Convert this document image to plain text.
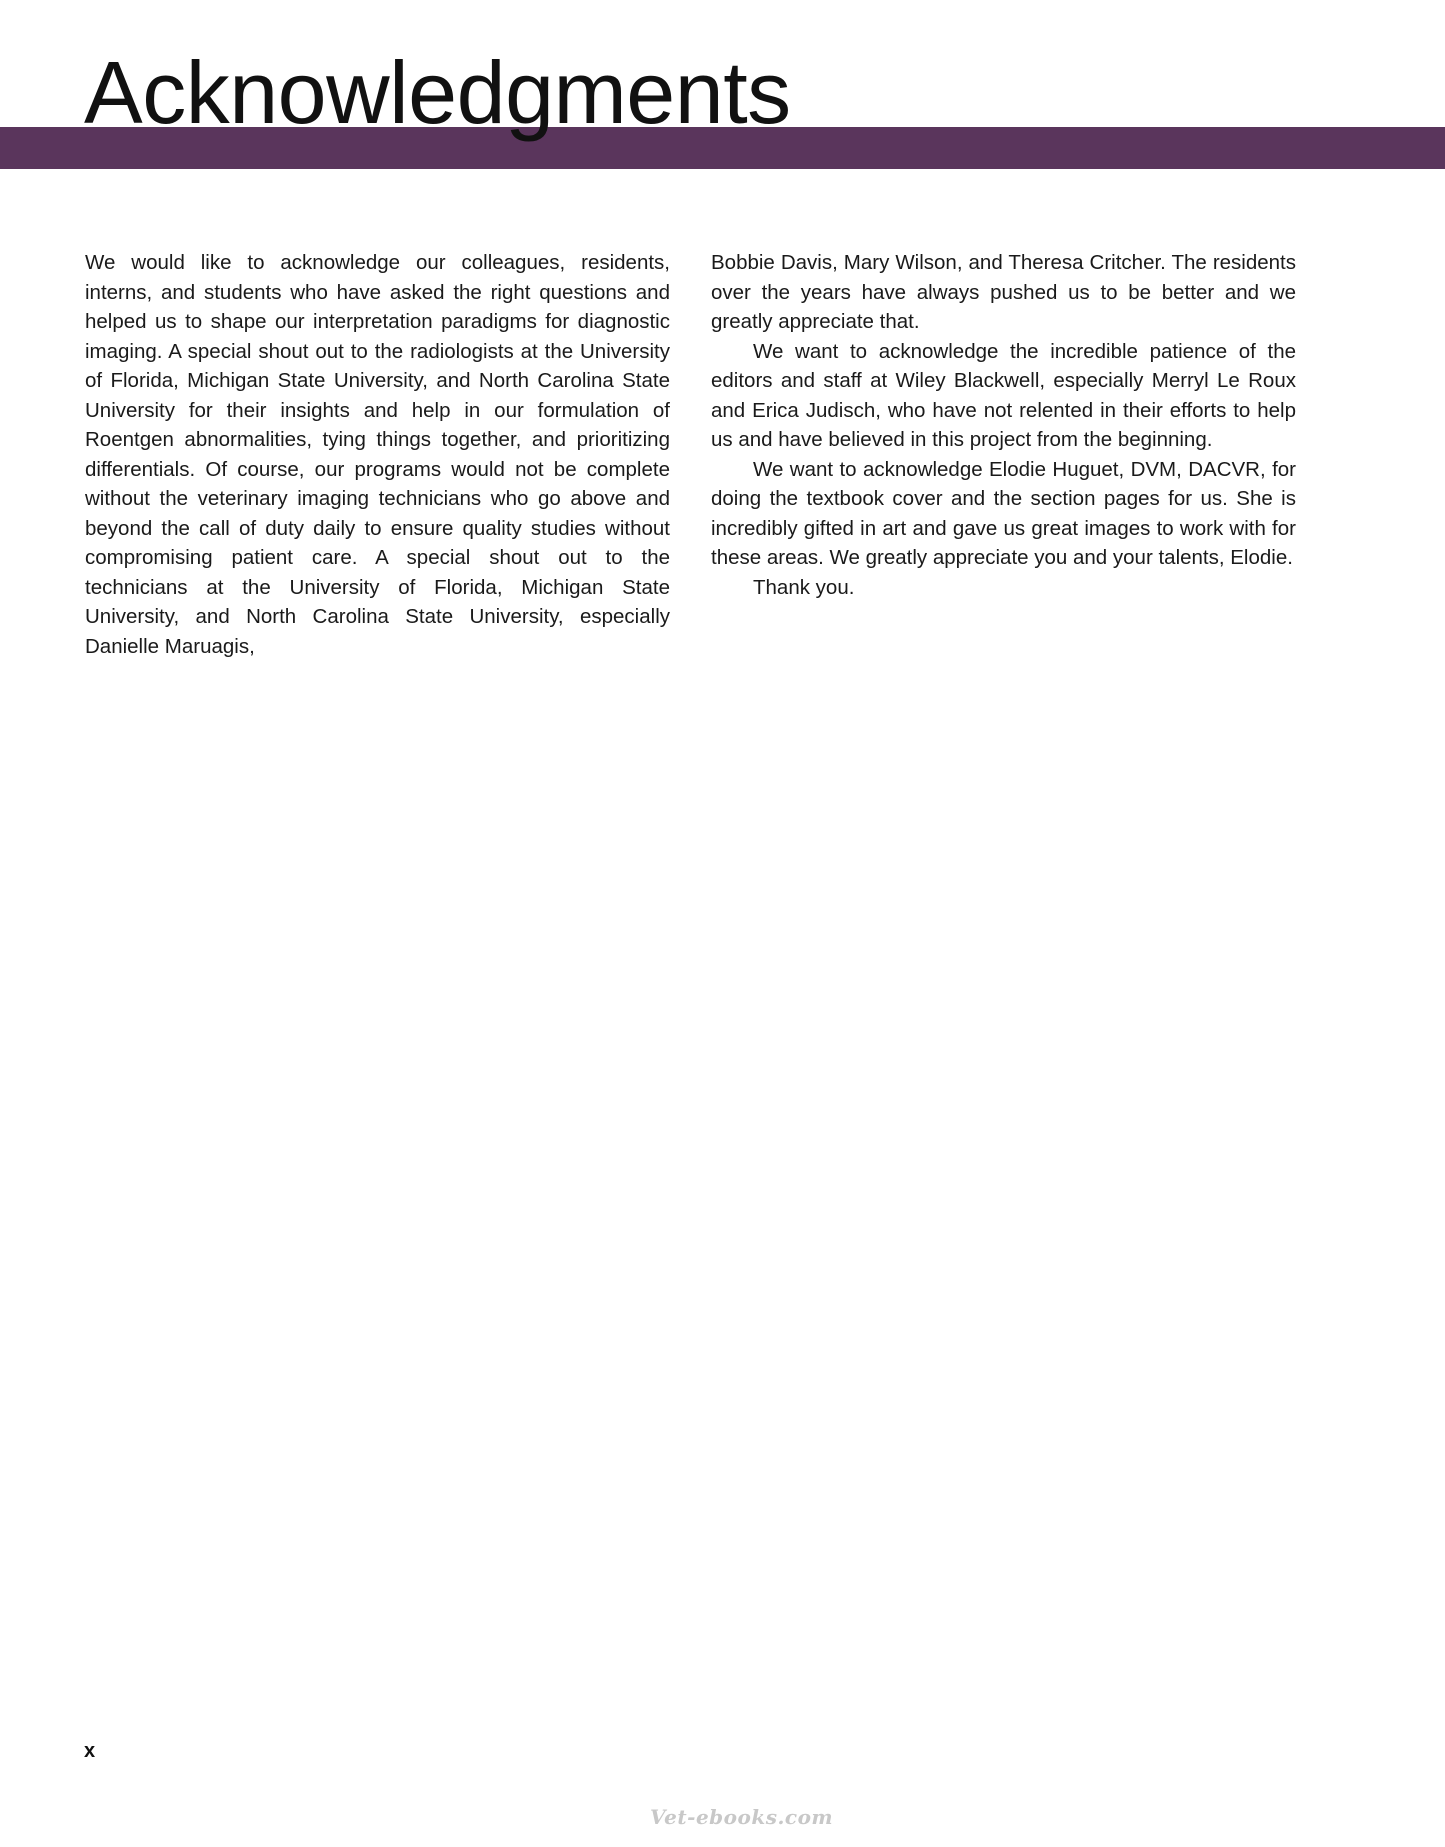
Acknowledgments

We would like to acknowledge our colleagues, residents, interns, and students who have asked the right questions and helped us to shape our interpretation paradigms for diagnostic imaging. A special shout out to the radiologists at the University of Florida, Michigan State University, and North Carolina State University for their insights and help in our formulation of Roentgen abnormalities, tying things together, and prioritizing differentials. Of course, our programs would not be complete without the veterinary imaging technicians who go above and beyond the call of duty daily to ensure quality studies without compromising patient care. A special shout out to the technicians at the University of Florida, Michigan State University, and North Carolina State University, especially Danielle Maruagis,

Bobbie Davis, Mary Wilson, and Theresa Critcher. The residents over the years have always pushed us to be better and we greatly appreciate that.

We want to acknowledge the incredible patience of the editors and staff at Wiley Blackwell, especially Merryl Le Roux and Erica Judisch, who have not relented in their efforts to help us and have believed in this project from the beginning.

We want to acknowledge Elodie Huguet, DVM, DACVR, for doing the textbook cover and the section pages for us. She is incredibly gifted in art and gave us great images to work with for these areas. We greatly appreciate you and your talents, Elodie.

Thank you.

x
Vet-ebooks.com
